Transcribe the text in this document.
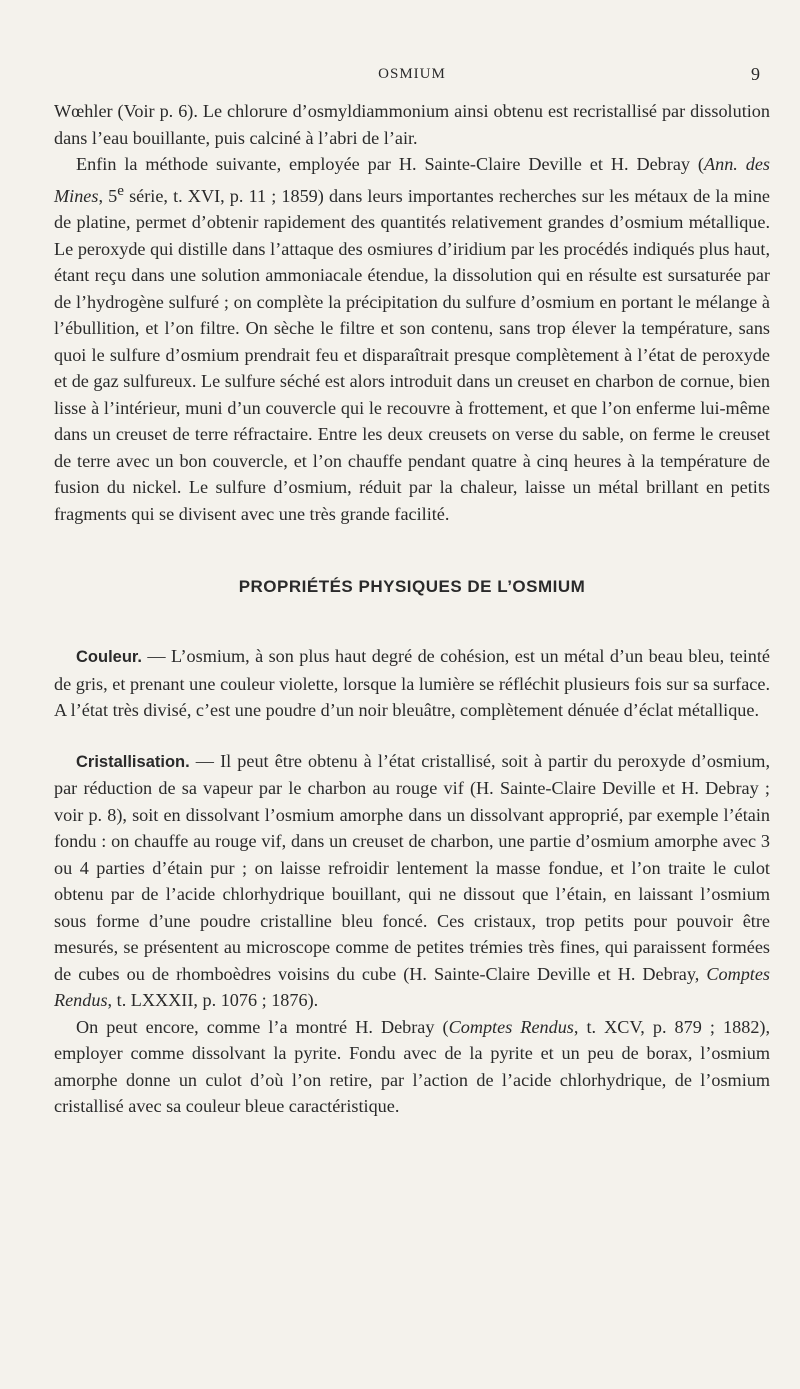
OSMIUM	9

Wœhler (Voir p. 6). Le chlorure d’osmyldiammonium ainsi obtenu est recristallisé par dissolution dans l’eau bouillante, puis calciné à l’abri de l’air.

Enfin la méthode suivante, employée par H. Sainte-Claire Deville et H. Debray (Ann. des Mines, 5e série, t. XVI, p. 11 ; 1859) dans leurs importantes recherches sur les métaux de la mine de platine, permet d’obtenir rapidement des quantités relativement grandes d’osmium métallique. Le peroxyde qui distille dans l’attaque des osmiures d’iridium par les procédés indiqués plus haut, étant reçu dans une solution ammoniacale étendue, la dissolution qui en résulte est sursaturée par de l’hydrogène sulfuré ; on complète la précipitation du sulfure d’osmium en portant le mélange à l’ébullition, et l’on filtre. On sèche le filtre et son contenu, sans trop élever la température, sans quoi le sulfure d’osmium prendrait feu et disparaîtrait presque complètement à l’état de peroxyde et de gaz sulfureux. Le sulfure séché est alors introduit dans un creuset en charbon de cornue, bien lisse à l’intérieur, muni d’un couvercle qui le recouvre à frottement, et que l’on enferme lui-même dans un creuset de terre réfractaire. Entre les deux creusets on verse du sable, on ferme le creuset de terre avec un bon couvercle, et l’on chauffe pendant quatre à cinq heures à la température de fusion du nickel. Le sulfure d’osmium, réduit par la chaleur, laisse un métal brillant en petits fragments qui se divisent avec une très grande facilité.

PROPRIÉTÉS PHYSIQUES DE L’OSMIUM

Couleur. — L’osmium, à son plus haut degré de cohésion, est un métal d’un beau bleu, teinté de gris, et prenant une couleur violette, lorsque la lumière se réfléchit plusieurs fois sur sa surface. A l’état très divisé, c’est une poudre d’un noir bleuâtre, complètement dénuée d’éclat métallique.

Cristallisation. — Il peut être obtenu à l’état cristallisé, soit à partir du peroxyde d’osmium, par réduction de sa vapeur par le charbon au rouge vif (H. Sainte-Claire Deville et H. Debray ; voir p. 8), soit en dissolvant l’osmium amorphe dans un dissolvant approprié, par exemple l’étain fondu : on chauffe au rouge vif, dans un creuset de charbon, une partie d’osmium amorphe avec 3 ou 4 parties d’étain pur ; on laisse refroidir lentement la masse fondue, et l’on traite le culot obtenu par de l’acide chlorhydrique bouillant, qui ne dissout que l’étain, en laissant l’osmium sous forme d’une poudre cristalline bleu foncé. Ces cristaux, trop petits pour pouvoir être mesurés, se présentent au microscope comme de petites trémies très fines, qui paraissent formées de cubes ou de rhomboèdres voisins du cube (H. Sainte-Claire Deville et H. Debray, Comptes Rendus, t. LXXXII, p. 1076 ; 1876).

On peut encore, comme l’a montré H. Debray (Comptes Rendus, t. XCV, p. 879 ; 1882), employer comme dissolvant la pyrite. Fondu avec de la pyrite et un peu de borax, l’osmium amorphe donne un culot d’où l’on retire, par l’action de l’acide chlorhydrique, de l’osmium cristallisé avec sa couleur bleue caractéristique.
